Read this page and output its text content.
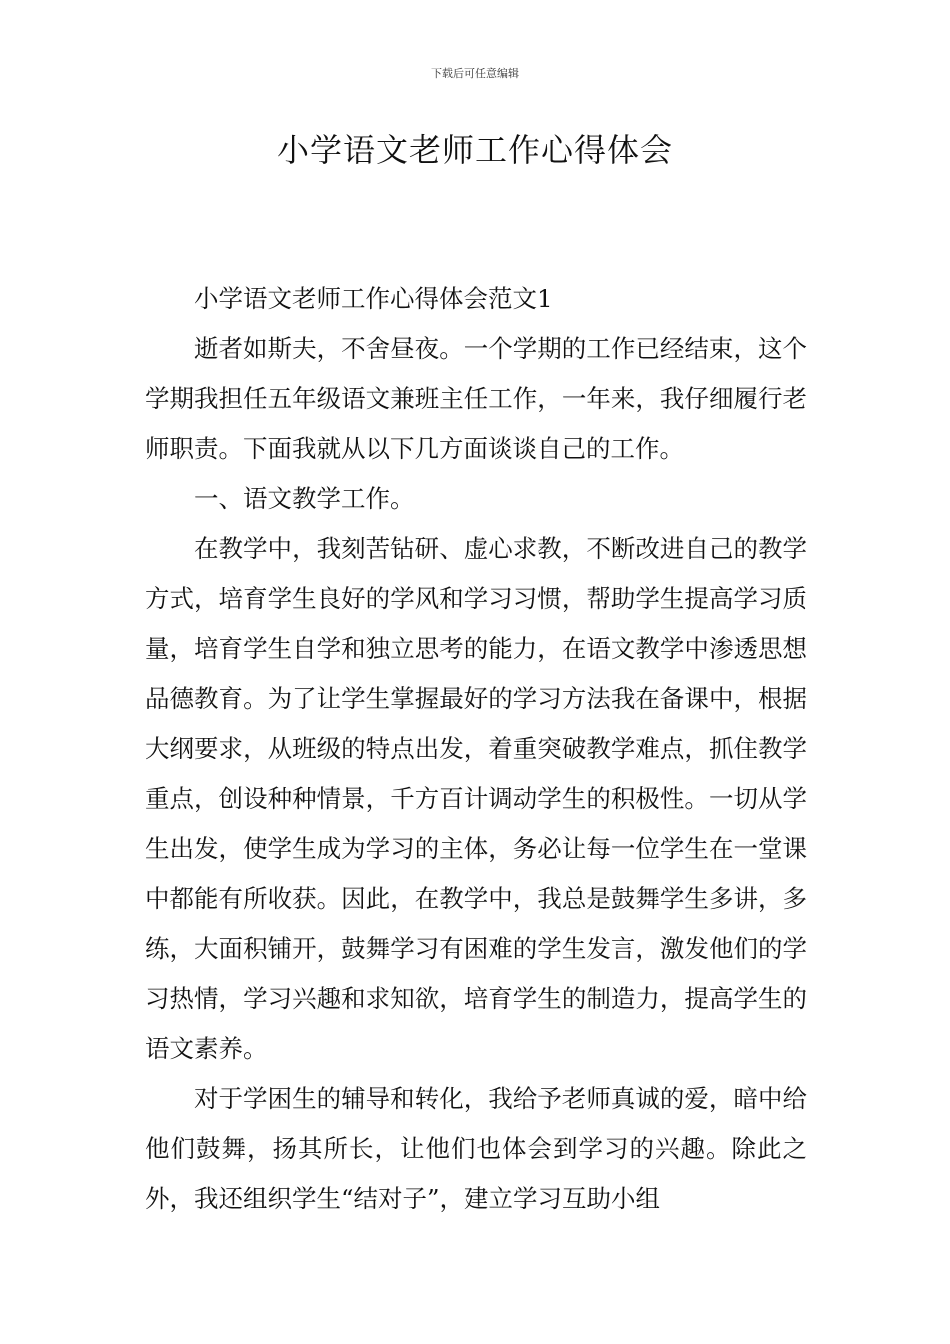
下载后可任意编辑
小学语文老师工作心得体会

小学语文老师工作心得体会范文1

逝者如斯夫，不舍昼夜。一个学期的工作已经结束，这个学期我担任五年级语文兼班主任工作，一年来，我仔细履行老师职责。下面我就从以下几方面谈谈自己的工作。

一、语文教学工作。

在教学中，我刻苦钻研、虚心求教，不断改进自己的教学方式，培育学生良好的学风和学习习惯，帮助学生提高学习质量，培育学生自学和独立思考的能力，在语文教学中渗透思想品德教育。为了让学生掌握最好的学习方法我在备课中，根据大纲要求，从班级的特点出发，着重突破教学难点，抓住教学重点，创设种种情景，千方百计调动学生的积极性。一切从学生出发，使学生成为学习的主体，务必让每一位学生在一堂课中都能有所收获。因此，在教学中，我总是鼓舞学生多讲，多练，大面积铺开，鼓舞学习有困难的学生发言，激发他们的学习热情，学习兴趣和求知欲，培育学生的制造力，提高学生的语文素养。

对于学困生的辅导和转化，我给予老师真诚的爱，暗中给他们鼓舞，扬其所长，让他们也体会到学习的兴趣。除此之外，我还组织学生“结对子”，建立学习互助小组
